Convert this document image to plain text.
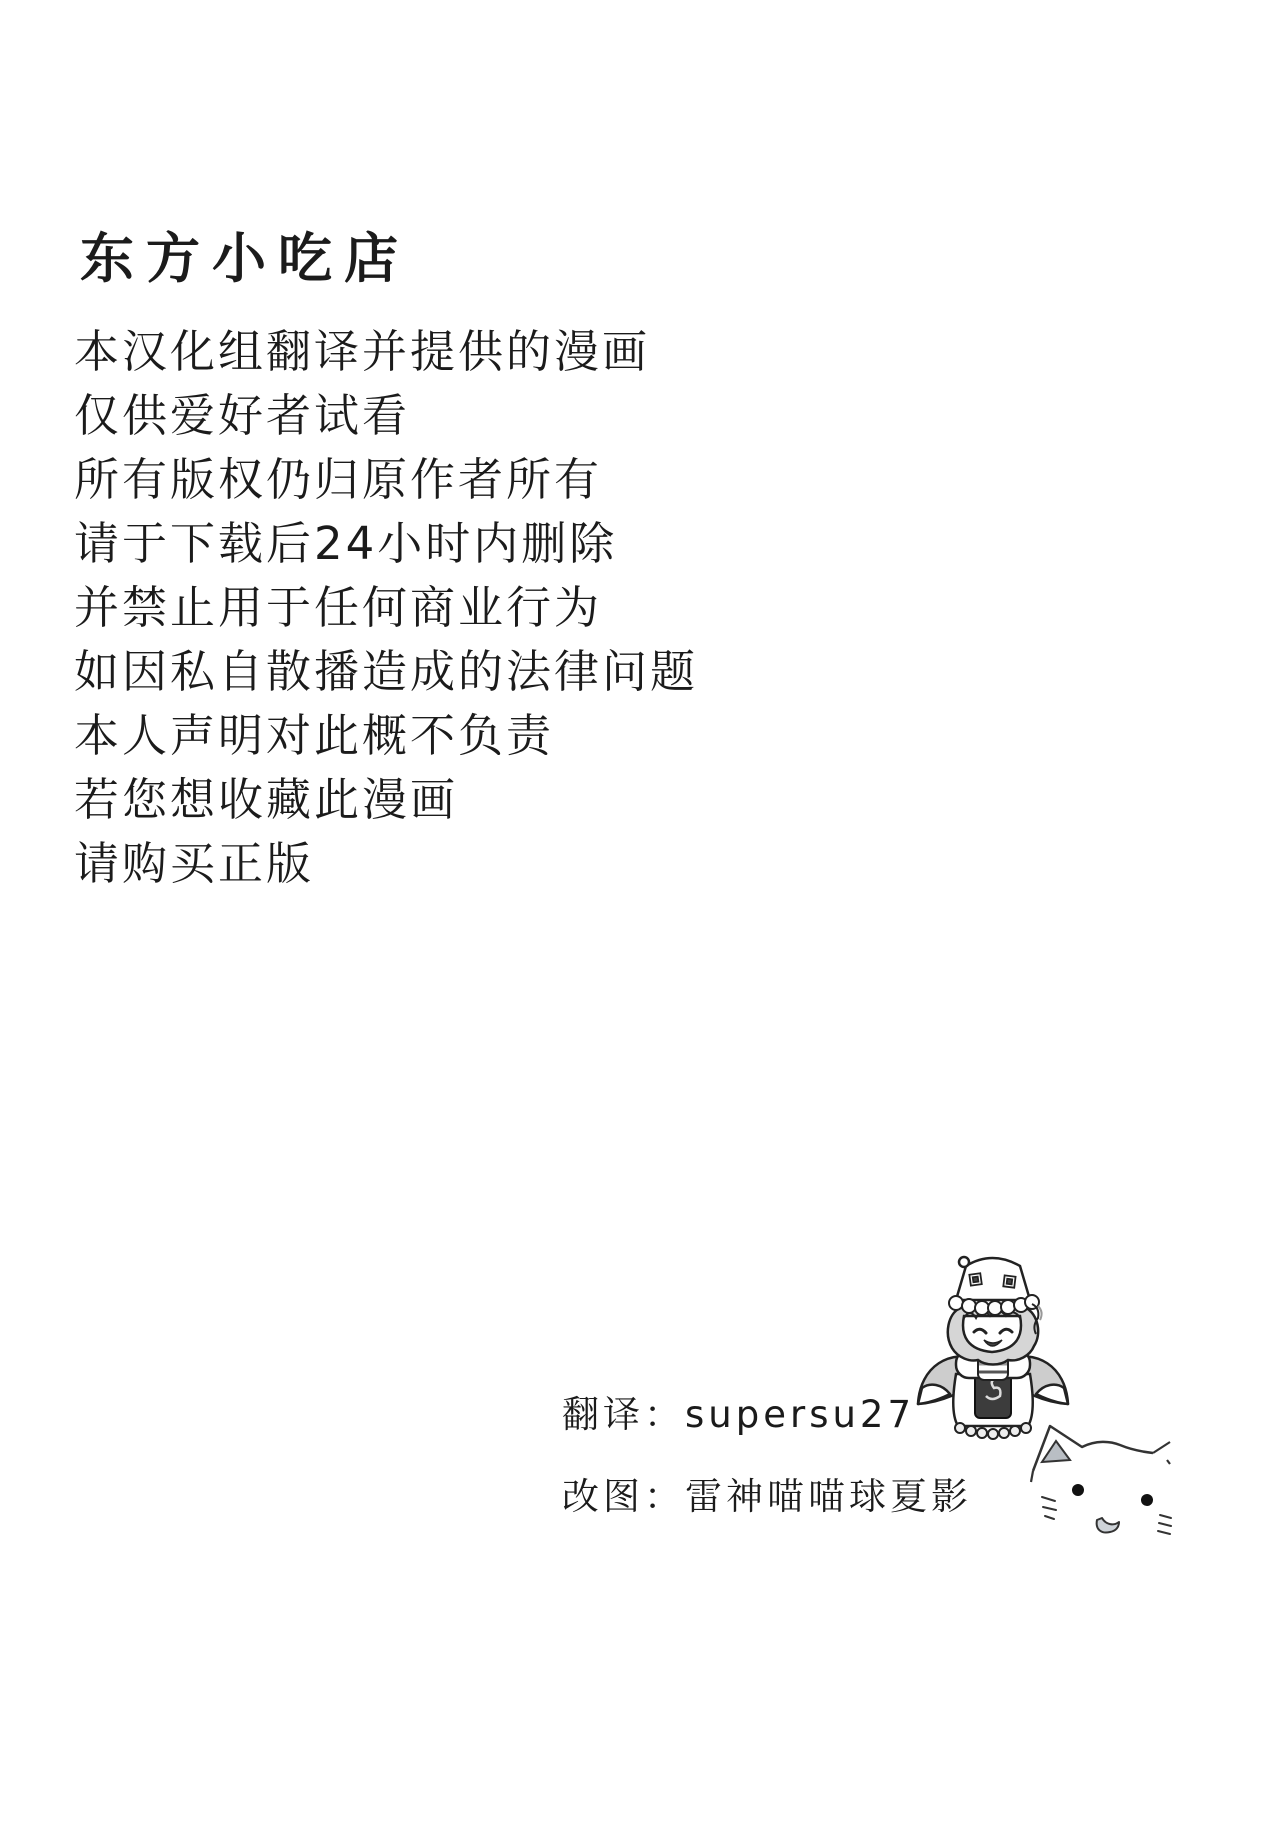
东方小吃店
本汉化组翻译并提供的漫画
仅供爱好者试看
所有版权仍归原作者所有
请于下载后24小时内删除
并禁止用于任何商业行为
如因私自散播造成的法律问题
本人声明对此概不负责
若您想收藏此漫画
请购买正版
翻译： supersu27
改图： 雷神喵喵球夏影
